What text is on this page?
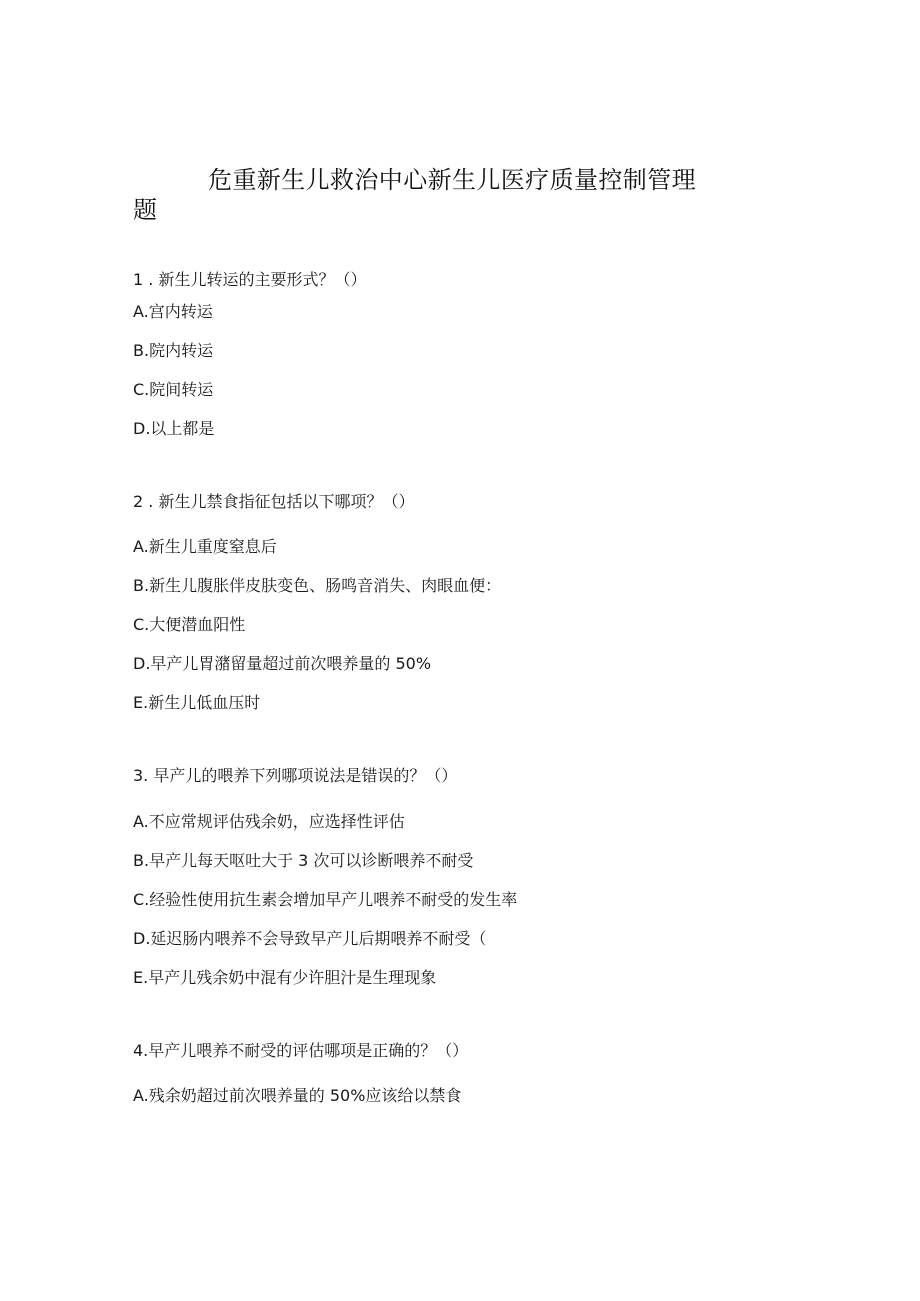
危重新生儿救治中心新生儿医疗质量控制管理
题
1 . 新生儿转运的主要形式？（）
A.宫内转运
B.院内转运
C.院间转运
D.以上都是
2 . 新生儿禁食指征包括以下哪项？（）
A.新生儿重度窒息后
B.新生儿腹胀伴皮肤变色、肠鸣音消失、肉眼血便：
C.大便潜血阳性
D.早产儿胃潴留量超过前次喂养量的 50%
E.新生儿低血压时
3. 早产儿的喂养下列哪项说法是错误的？（）
A.不应常规评估残余奶，应选择性评估
B.早产儿每天呕吐大于 3 次可以诊断喂养不耐受
C.经验性使用抗生素会增加早产儿喂养不耐受的发生率
D.延迟肠内喂养不会导致早产儿后期喂养不耐受（
E.早产儿残余奶中混有少许胆汁是生理现象
4.早产儿喂养不耐受的评估哪项是正确的？（）
A.残余奶超过前次喂养量的 50%应该给以禁食
